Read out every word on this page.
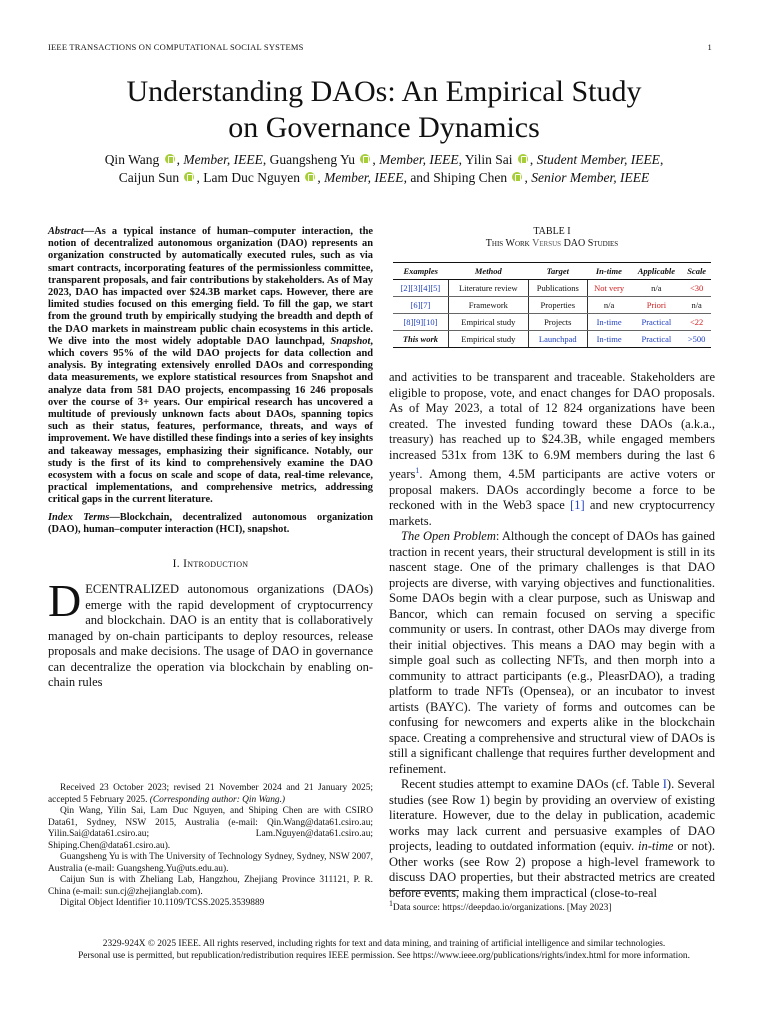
IEEE TRANSACTIONS ON COMPUTATIONAL SOCIAL SYSTEMS	1
Understanding DAOs: An Empirical Study
on Governance Dynamics
Qin Wang , Member, IEEE, Guangsheng Yu , Member, IEEE, Yilin Sai , Student Member, IEEE,
Caijun Sun , Lam Duc Nguyen , Member, IEEE, and Shiping Chen , Senior Member, IEEE
Abstract—As a typical instance of human–computer interaction, the notion of decentralized autonomous organization (DAO) represents an organization constructed by automatically executed rules, such as via smart contracts, incorporating features of the permissionless committee, transparent proposals, and fair contributions by stakeholders. As of May 2023, DAO has impacted over $24.3B market caps. However, there are limited studies focused on this emerging field. To fill the gap, we start from the ground truth by empirically studying the breadth and depth of the DAO markets in mainstream public chain ecosystems in this article. We dive into the most widely adoptable DAO launchpad, Snapshot, which covers 95% of the wild DAO projects for data collection and analysis. By integrating extensively enrolled DAOs and corresponding data measurements, we explore statistical resources from Snapshot and analyze data from 581 DAO projects, encompassing 16 246 proposals over the course of 3+ years. Our empirical research has uncovered a multitude of previously unknown facts about DAOs, spanning topics such as their status, features, performance, threats, and ways of improvement. We have distilled these findings into a series of key insights and takeaway messages, emphasizing their significance. Notably, our study is the first of its kind to comprehensively examine the DAO ecosystem with a focus on scale and scope of data, real-time relevance, practical implementations, and comprehensive metrics, addressing critical gaps in the current literature.
Index Terms—Blockchain, decentralized autonomous organization (DAO), human–computer interaction (HCI), snapshot.
I. Introduction
DECENTRALIZED autonomous organizations (DAOs) emerge with the rapid development of cryptocurrency and blockchain. DAO is an entity that is collaboratively managed by on-chain participants to deploy resources, release proposals and make decisions. The usage of DAO in governance can decentralize the operation via blockchain by enabling on-chain rules

Received 23 October 2023; revised 21 November 2024 and 21 January 2025; accepted 5 February 2025. (Corresponding author: Qin Wang.)

Qin Wang, Yilin Sai, Lam Duc Nguyen, and Shiping Chen are with CSIRO Data61, Sydney, NSW 2015, Australia (e-mail: Qin.Wang@data61.csiro.au; Yilin.Sai@data61.csiro.au; Lam.Nguyen@data61.csiro.au; Shiping.Chen@data61.csiro.au).

Guangsheng Yu is with The University of Technology Sydney, Sydney, NSW 2007, Australia (e-mail: Guangsheng.Yu@uts.edu.au).

Caijun Sun is with Zheliang Lab, Hangzhou, Zhejiang Province 311121, P. R. China (e-mail: sun.cj@zhejianglab.com).

Digital Object Identifier 10.1109/TCSS.2025.3539889

TABLE I
This Work Versus DAO Studies
Examples	Method	Target	In-time	Applicable	Scale
[2][3][4][5]	Literature review	Publications	Not very	n/a	<30
[6][7]	Framework	Properties	n/a	Priori	n/a
[8][9][10]	Empirical study	Projects	In-time	Practical	<22
This work	Empirical study	Launchpad	In-time	Practical	>500

and activities to be transparent and traceable. Stakeholders are eligible to propose, vote, and enact changes for DAO proposals. As of May 2023, a total of 12 824 organizations have been created. The invested funding toward these DAOs (a.k.a., treasury) has reached up to $24.3B, while engaged members increased 531x from 13K to 6.9M members during the last 6 years$^1$. Among them, 4.5M participants are active voters or proposal makers. DAOs accordingly become a force to be reckoned with in the Web3 space [1] and new cryptocurrency markets.

The Open Problem: Although the concept of DAOs has gained traction in recent years, their structural development is still in its nascent stage. One of the primary challenges is that DAO projects are diverse, with varying objectives and functionalities. Some DAOs begin with a clear purpose, such as Uniswap and Bancor, which can remain focused on serving a specific community or users. In contrast, other DAOs may diverge from their initial objectives. This means a DAO may begin with a simple goal such as collecting NFTs, and then morph into a community to attract participants (e.g., PleasrDAO), a trading platform to trade NFTs (Opensea), or an incubator to invest artists (BAYC). The variety of forms and outcomes can be confusing for newcomers and experts alike in the blockchain space. Creating a comprehensive and structural view of DAOs is still a significant challenge that requires further development and refinement.

Recent studies attempt to examine DAOs (cf. Table I). Several studies (see Row 1) begin by providing an overview of existing literature. However, due to the delay in publication, academic works may lack current and persuasive examples of DAO projects, leading to outdated information (equiv. in-time or not). Other works (see Row 2) propose a high-level framework to discuss DAO properties, but their abstracted metrics are created before events, making them impractical (close-to-real

$^1$Data source: https://deepdao.io/organizations. [May 2023]
2329-924X © 2025 IEEE. All rights reserved, including rights for text and data mining, and training of artificial intelligence and similar technologies.
Personal use is permitted, but republication/redistribution requires IEEE permission. See https://www.ieee.org/publications/rights/index.html for more information.
